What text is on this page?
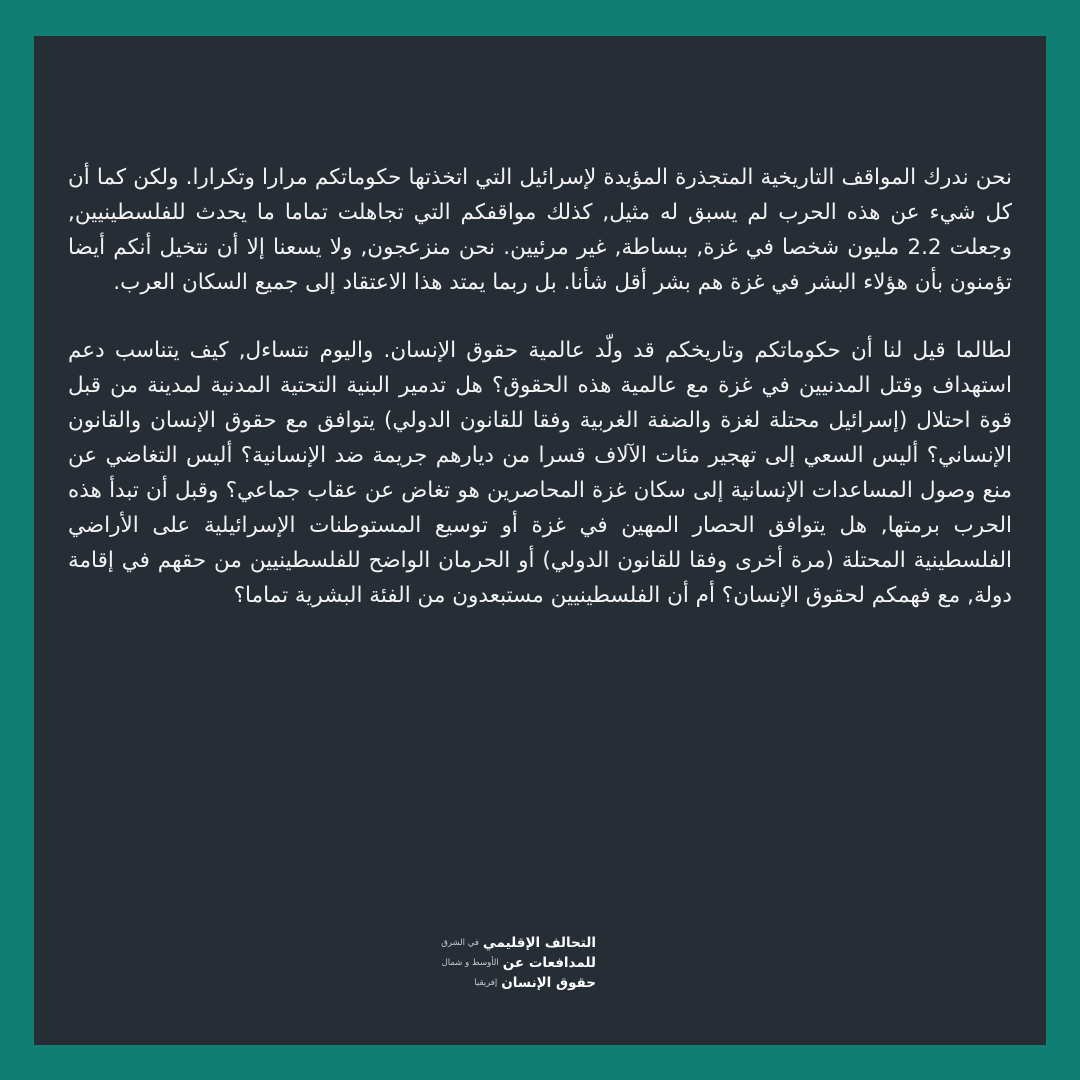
نحن ندرك المواقف التاريخية المتجذرة المؤيدة لإسرائيل التي اتخذتها حكوماتكم مرارا وتكرارا. ولكن كما أن كل شيء عن هذه الحرب لم يسبق له مثيل, كذلك مواقفكم التي تجاهلت تماما ما يحدث للفلسطينيين, وجعلت 2.2 مليون شخصا في غزة, ببساطة, غير مرئيين. نحن منزعجون, ولا يسعنا إلا أن نتخيل أنكم أيضا تؤمنون بأن هؤلاء البشر في غزة هم بشر أقل شأنا. بل ربما يمتد هذا الاعتقاد إلى جميع السكان العرب.

لطالما قيل لنا أن حكوماتكم وتاريخكم قد ولّد عالمية حقوق الإنسان. واليوم نتساءل, كيف يتناسب دعم استهداف وقتل المدنيين في غزة مع عالمية هذه الحقوق؟ هل تدمير البنية التحتية المدنية لمدينة من قبل قوة احتلال (إسرائيل محتلة لغزة والضفة الغربية وفقا للقانون الدولي) يتوافق مع حقوق الإنسان والقانون الإنساني؟ أليس السعي إلى تهجير مئات الآلاف قسرا من ديارهم جريمة ضد الإنسانية؟ أليس التغاضي عن منع وصول المساعدات الإنسانية إلى سكان غزة المحاصرين هو تغاض عن عقاب جماعي؟ وقبل أن تبدأ هذه الحرب برمتها, هل يتوافق الحصار المهين في غزة أو توسيع المستوطنات الإسرائيلية على الأراضي الفلسطينية المحتلة (مرة أخرى وفقا للقانون الدولي) أو الحرمان الواضح للفلسطينيين من حقهم في إقامة دولة, مع فهمكم لحقوق الإنسان؟ أم أن الفلسطينيين مستبعدون من الفئة البشرية تماما؟

التحالف الإقليمي
في الشرق
للمدافعات عن
الأوسط و شمال
حقوق الإنسان
إفريقيا
